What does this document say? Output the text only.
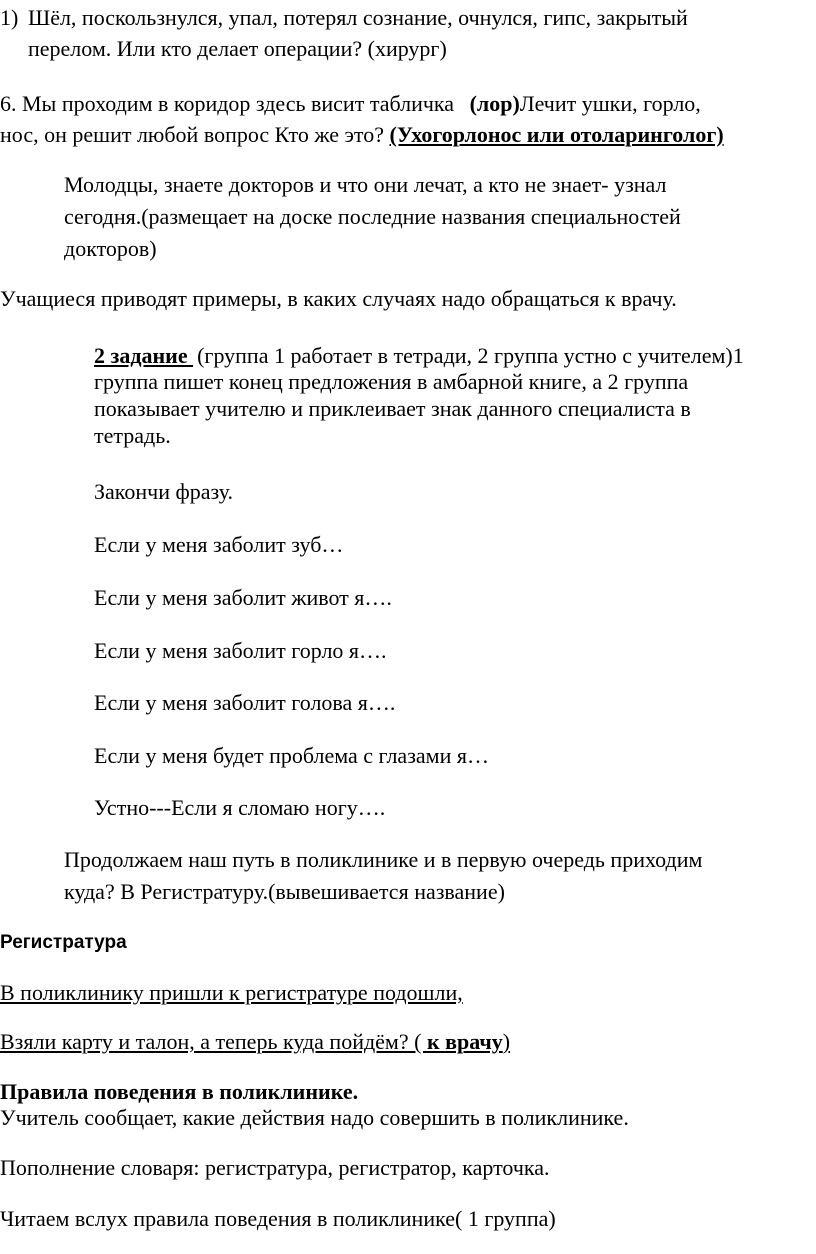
1) Шёл, поскользнулся, упал, потерял сознание, очнулся, гипс, закрытый
перелом. Или кто делает операции? (хирург)
6. Мы проходим в коридор здесь висит табличка (лор)Лечит ушки, горло,
нос, он решит любой вопрос Кто же это? (Ухогорлонос или отоларинголог)
Молодцы, знаете докторов и что они лечат, а кто не знает- узнал
сегодня.(размещает на доске последние названия специальностей
докторов)
Учащиеся приводят примеры, в каких случаях надо обращаться к врачу.
2 задание (группа 1 работает в тетради, 2 группа устно с учителем)1
группа пишет конец предложения в амбарной книге, а 2 группа
показывает учителю и приклеивает знак данного специалиста в
тетрадь.
Закончи фразу.
Если у меня заболит зуб…
Если у меня заболит живот я….
Если у меня заболит горло я….
Если у меня заболит голова я….
Если у меня будет проблема с глазами я…
Устно---Если я сломаю ногу….
Продолжаем наш путь в поликлинике и в первую очередь приходим
куда? В Регистратуру.(вывешивается название)
Регистратура
В поликлинику пришли к регистратуре подошли,
Взяли карту и талон, а теперь куда пойдём? ( к врачу)
Правила поведения в поликлинике.
Учитель сообщает, какие действия надо совершить в поликлинике.
Пополнение словаря: регистратура, регистратор, карточка.
Читаем вслух правила поведения в поликлинике( 1 группа)
